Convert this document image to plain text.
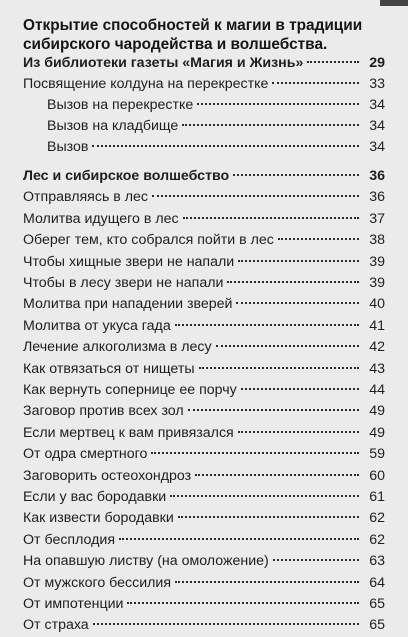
Открытие способностей к магии в традиции
сибирского чародейства и волшебства.
Из библиотеки газеты «Магия и Жизнь»	29
Посвящение колдуна на перекрестке	33
Вызов на перекрестке	34
Вызов на кладбище	34
Вызов	34
Лес и сибирское волшебство	36
Отправляясь в лес	36
Молитва идущего в лес	37
Оберег тем, кто собрался пойти в лес	38
Чтобы хищные звери не напали	39
Чтобы в лесу звери не напали	39
Молитва при нападении зверей	40
Молитва от укуса гада	41
Лечение алкоголизма в лесу	42
Как отвязаться от нищеты	43
Как вернуть сопернице ее порчу	44
Заговор против всех зол	49
Если мертвец к вам привязался	49
От одра смертного	59
Заговорить остеохондроз	60
Если у вас бородавки	61
Как извести бородавки	62
От бесплодия	62
На опавшую листву (на омоложение)	63
От мужского бессилия	64
От импотенции	65
От страха	65
